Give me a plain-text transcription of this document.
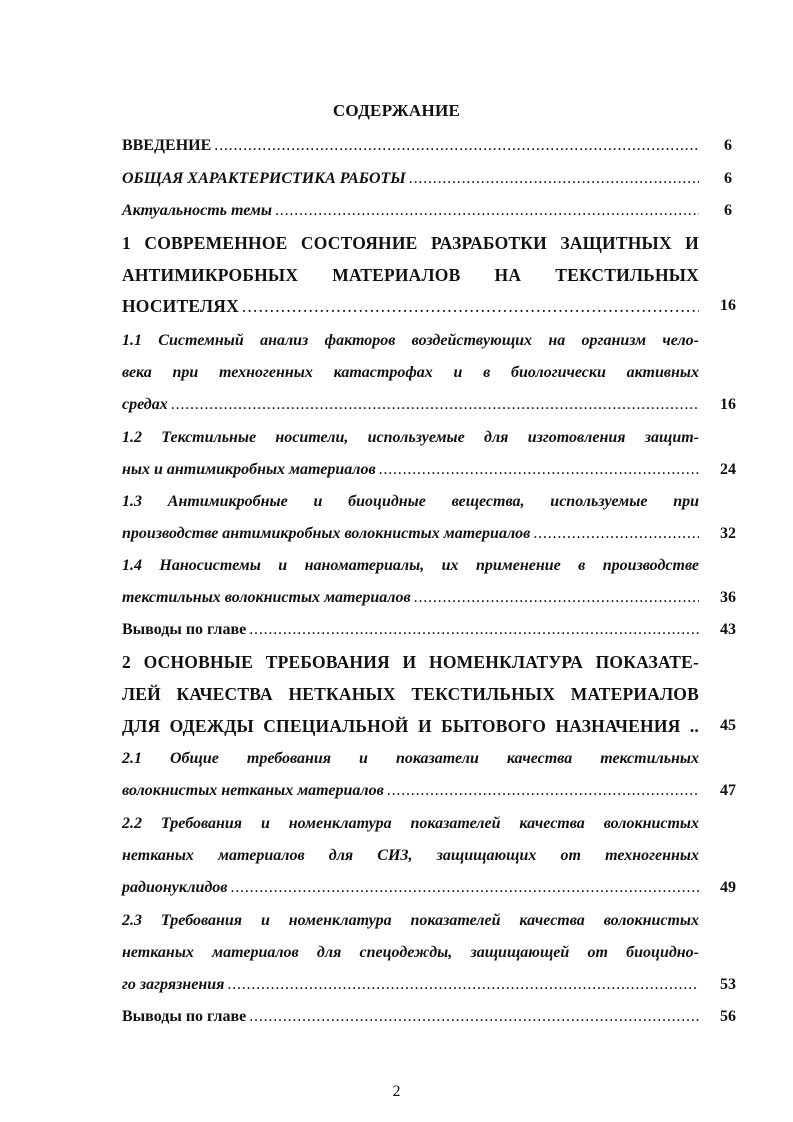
СОДЕРЖАНИЕ
ВВЕДЕНИЕ . . .	6
ОБЩАЯ ХАРАКТЕРИСТИКА РАБОТЫ . . .	6
Актуальность темы . . .	6
1 СОВРЕМЕННОЕ СОСТОЯНИЕ РАЗРАБОТКИ ЗАЩИТНЫХ И
АНТИМИКРОБНЫХ МАТЕРИАЛОВ НА ТЕКСТИЛЬНЫХ
НОСИТЕЛЯХ . . .	16
1.1 Системный анализ факторов воздействующих на организм чело-
века при техногенных катастрофах и в биологически активных
средах . . .	16
1.2 Текстильные носители, используемые для изготовления защит-
ных и антимикробных материалов . . .	24
1.3 Антимикробные и биоцидные вещества, используемые при
производстве антимикробных волокнистых материалов . . .	32
1.4 Наносистемы и наноматериалы, их применение в производстве
текстильных волокнистых материалов . . .	36
Выводы по главе . . .	43
2 ОСНОВНЫЕ ТРЕБОВАНИЯ И НОМЕНКЛАТУРА ПОКАЗАТЕ-
ЛЕЙ КАЧЕСТВА НЕТКАНЫХ ТЕКСТИЛЬНЫХ МАТЕРИАЛОВ
ДЛЯ ОДЕЖДЫ СПЕЦИАЛЬНОЙ И БЫТОВОГО НАЗНАЧЕНИЯ ..	45
2.1 Общие требования и показатели качества текстильных
волокнистых нетканых материалов . . .	47
2.2 Требования и номенклатура показателей качества волокнистых
нетканых материалов для СИЗ, защищающих от техногенных
радионуклидов . . .	49
2.3 Требования и номенклатура показателей качества волокнистых
нетканых материалов для спецодежды, защищающей от биоцидно-
го загрязнения . . .	53
Выводы по главе . . .	56
2
